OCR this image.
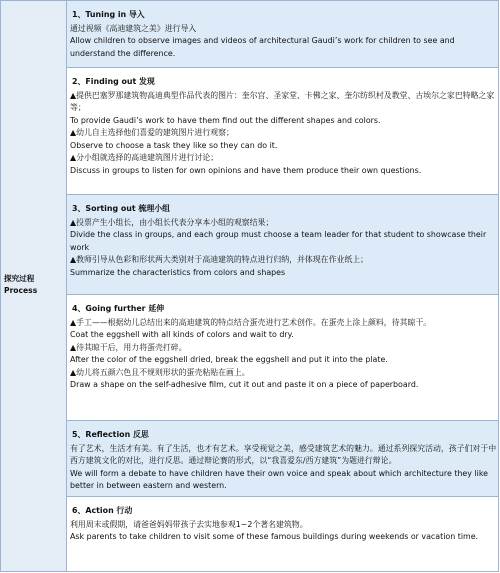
探究过程
Process
1、Tuning in 导入
通过视频《高迪建筑之美》进行导入
Allow children to observe images and videos of architectural Gaudi’s work for children to see and understand the difference.
2、Finding out 发现
▲提供巴塞罗那建筑物高迪典型作品代表的图片：奎尔宫、圣家堂、卡佛之家、奎尔纺织村及教堂、古埃尔之家巴特略之家等；
To provide Gaudi’s work to have them find out the different shapes and colors.
▲幼儿自主选择他们喜爱的建筑图片进行观察；
Observe to choose a task they like so they can do it.
▲分小组就选择的高迪建筑图片进行讨论；
Discuss in groups to listen for own opinions and have them produce their own questions.
3、Sorting out 梳理小组
▲投票产生小组长，由小组长代表分享本小组的观察结果；
Divide the class in groups, and each group must choose a team leader for that student to showcase their work
▲教师引导从色彩和形状两大类别对于高迪建筑的特点进行归纳，并体现在作业纸上；
Summarize the characteristics from colors and shapes
4、Going further 延伸
▲手工——根据幼儿总结出来的高迪建筑的特点结合蛋壳进行艺术创作。在蛋壳上涂上颜料，待其晾干。
Coat the eggshell with all kinds of colors and wait to dry.
▲待其晾干后，用力将蛋壳打碎。
After the color of the eggshell dried, break the eggshell and put it into the plate.
▲幼儿将五颜六色且不规则形状的蛋壳粘贴在画上。
Draw a shape on the self-adhesive film, cut it out and paste it on a piece of paperboard.
5、Reflection 反思
有了艺术，生活才有美。有了生活，也才有艺术。享受视觉之美，感受建筑艺术的魅力。通过系列探究活动，孩子们对于中西方建筑文化的对比，进行反思。通过辩论赛的形式，以“我喜爱东/西方建筑”为题进行辩论。
We will form a debate to have children have their own voice and speak about which architecture they like better in between eastern and western.
6、Action 行动
利用周末或假期，请爸爸妈妈带孩子去实地参观1~2个著名建筑物。
Ask parents to take children to visit some of these famous buildings during weekends or vacation time.
